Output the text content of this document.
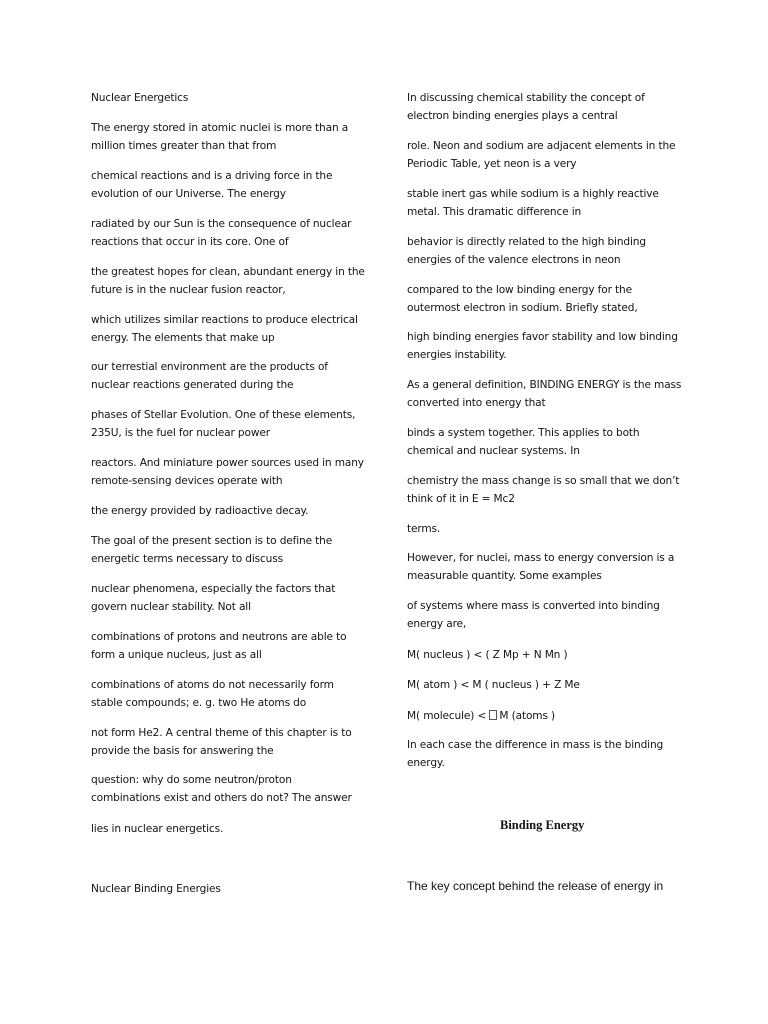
Nuclear Energetics
The energy stored in atomic nuclei is more than a
million times greater than that from
chemical reactions and is a driving force in the
evolution of our Universe. The energy
radiated by our Sun is the consequence of nuclear
reactions that occur in its core. One of
the greatest hopes for clean, abundant energy in the
future is in the nuclear fusion reactor,
which utilizes similar reactions to produce electrical
energy. The elements that make up
our terrestial environment are the products of
nuclear reactions generated during the
phases of Stellar Evolution. One of these elements,
235U, is the fuel for nuclear power
reactors. And miniature power sources used in many
remote-sensing devices operate with
the energy provided by radioactive decay.
The goal of the present section is to define the
energetic terms necessary to discuss
nuclear phenomena, especially the factors that
govern nuclear stability. Not all
combinations of protons and neutrons are able to
form a unique nucleus, just as all
combinations of atoms do not necessarily form
stable compounds; e. g. two He atoms do
not form He2. A central theme of this chapter is to
provide the basis for answering the
question: why do some neutron/proton
combinations exist and others do not? The answer
lies in nuclear energetics.
Nuclear Binding Energies
In discussing chemical stability the concept of
electron binding energies plays a central
role. Neon and sodium are adjacent elements in the
Periodic Table, yet neon is a very
stable inert gas while sodium is a highly reactive
metal. This dramatic difference in
behavior is directly related to the high binding
energies of the valence electrons in neon
compared to the low binding energy for the
outermost electron in sodium. Briefly stated,
high binding energies favor stability and low binding
energies instability.
As a general definition, BINDING ENERGY is the mass
converted into energy that
binds a system together. This applies to both
chemical and nuclear systems. In
chemistry the mass change is so small that we don’t
think of it in E = Mc2
terms.
However, for nuclei, mass to energy conversion is a
measurable quantity. Some examples
of systems where mass is converted into binding
energy are,
M( nucleus ) < ( Z Mp + N Mn )
M( atom ) < M ( nucleus ) + Z Me
M( molecule) < M (atoms )
In each case the difference in mass is the binding
energy.
Binding Energy
The key concept behind the release of energy in
